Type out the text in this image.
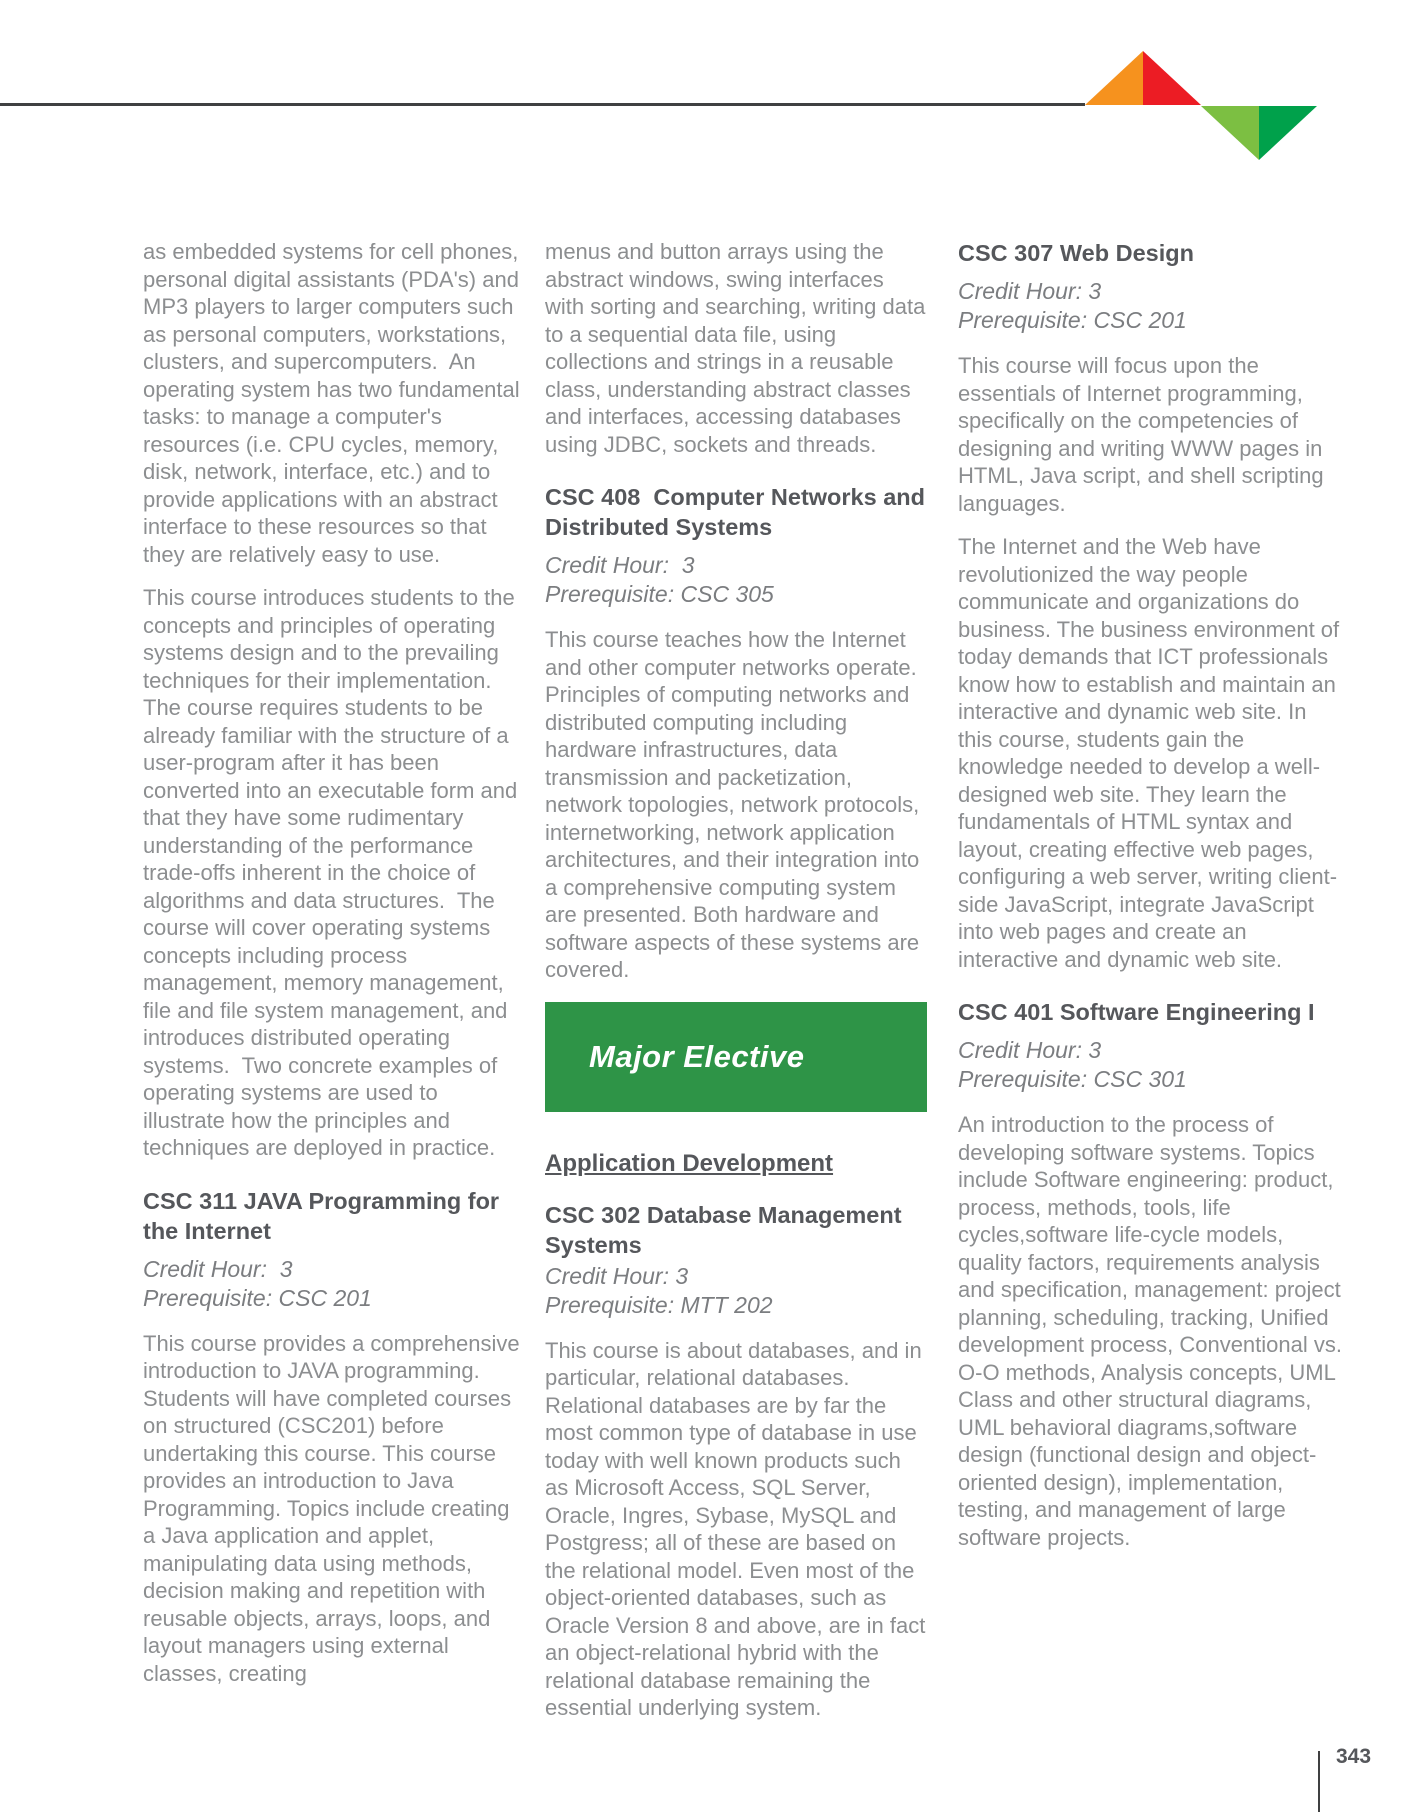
as embedded systems for cell phones, personal digital assistants (PDA's) and MP3 players to larger computers such as personal computers, workstations, clusters, and supercomputers.  An operating system has two fundamental tasks: to manage a computer's resources (i.e. CPU cycles, memory, disk, network, interface, etc.) and to provide applications with an abstract interface to these resources so that they are relatively easy to use.

This course introduces students to the concepts and principles of operating systems design and to the prevailing techniques for their implementation.  The course requires students to be already familiar with the structure of a user-program after it has been converted into an executable form and that they have some rudimentary understanding of the performance trade-offs inherent in the choice of algorithms and data structures.  The course will cover operating systems concepts including process management, memory management, file and file system management, and introduces distributed operating systems.  Two concrete examples of operating systems are used to illustrate how the principles and techniques are deployed in practice.

CSC 311 JAVA Programming for the Internet
Credit Hour:  3
Prerequisite: CSC 201

This course provides a comprehensive introduction to JAVA programming. Students will have completed courses on structured (CSC201) before undertaking this course. This course provides an introduction to Java Programming. Topics include creating a Java application and applet, manipulating data using methods, decision making and repetition with reusable objects, arrays, loops, and layout managers using external classes, creating

menus and button arrays using the abstract windows, swing interfaces with sorting and searching, writing data to a sequential data file, using collections and strings in a reusable class, understanding abstract classes and interfaces, accessing databases using JDBC, sockets and threads.

CSC 408  Computer Networks and Distributed Systems
Credit Hour:  3
Prerequisite: CSC 305

This course teaches how the Internet and other computer networks operate. Principles of computing networks and distributed computing including hardware infrastructures, data transmission and packetization, network topologies, network protocols, internetworking, network application architectures, and their integration into a comprehensive computing system are presented. Both hardware and software aspects of these systems are covered.

Major Elective
Application Development
CSC 302 Database Management Systems
Credit Hour: 3
Prerequisite: MTT 202

This course is about databases, and in particular, relational databases. Relational databases are by far the most common type of database in use today with well known products such as Microsoft Access, SQL Server, Oracle, Ingres, Sybase, MySQL and Postgress; all of these are based on the relational model. Even most of the object-oriented databases, such as Oracle Version 8 and above, are in fact an object-relational hybrid with the relational database remaining the essential underlying system.

CSC 307 Web Design
Credit Hour: 3
Prerequisite: CSC 201

This course will focus upon the essentials of Internet programming, specifically on the competencies of designing and writing WWW pages in HTML, Java script, and shell scripting languages.

The Internet and the Web have revolutionized the way people communicate and organizations do business. The business environment of today demands that ICT professionals know how to establish and maintain an interactive and dynamic web site. In this course, students gain the knowledge needed to develop a well-designed web site. They learn the fundamentals of HTML syntax and layout, creating effective web pages, configuring a web server, writing client-side JavaScript, integrate JavaScript into web pages and create an interactive and dynamic web site.

CSC 401 Software Engineering I
Credit Hour: 3
Prerequisite: CSC 301

An introduction to the process of developing software systems. Topics include Software engineering: product, process, methods, tools, life cycles,software life-cycle models, quality factors, requirements analysis and specification, management: project planning, scheduling, tracking, Unified development process, Conventional vs. O-O methods, Analysis concepts, UML Class and other structural diagrams, UML behavioral diagrams,software design (functional design and object-oriented design), implementation, testing, and management of large software projects.

343
